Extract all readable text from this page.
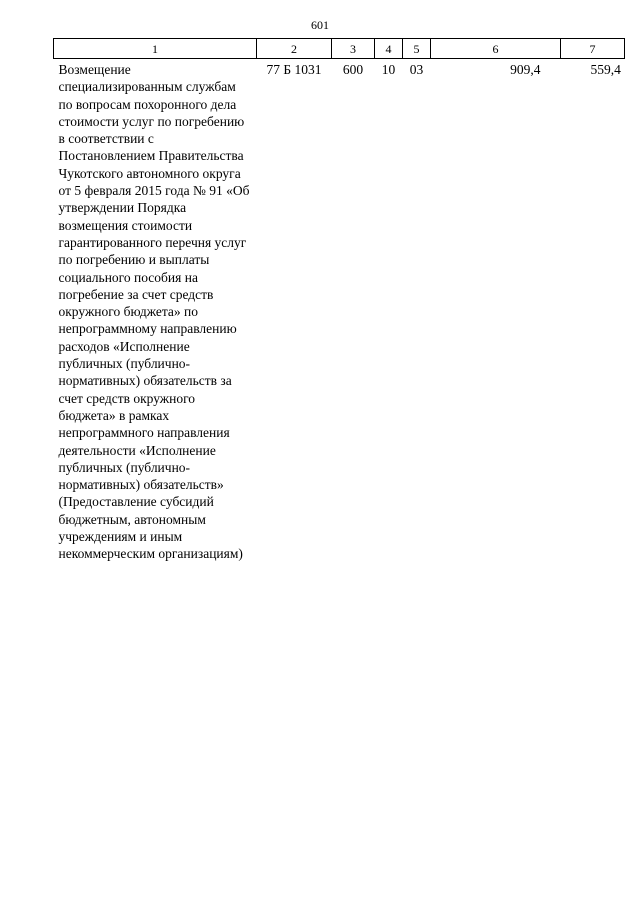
601
1	2	3	4	5	6	7
Возмещение специализированным службам по вопросам похоронного дела стоимости услуг по погребению в соответствии с Постановлением Правительства Чукотского автономного округа от 5 февраля 2015 года № 91 «Об утверждении Порядка возмещения стоимости гарантированного перечня услуг по погребению и выплаты социального пособия на погребение за счет средств окружного бюджета» по непрограммному направлению расходов «Исполнение публичных (публично-нормативных) обязательств за счет средств окружного бюджета» в рамках непрограммного направления деятельности «Исполнение публичных (публично-нормативных) обязательств» (Предоставление субсидий бюджетным, автономным учреждениям и иным некоммерческим организациям)	77 Б 1031	600	10	03	909,4	559,4
